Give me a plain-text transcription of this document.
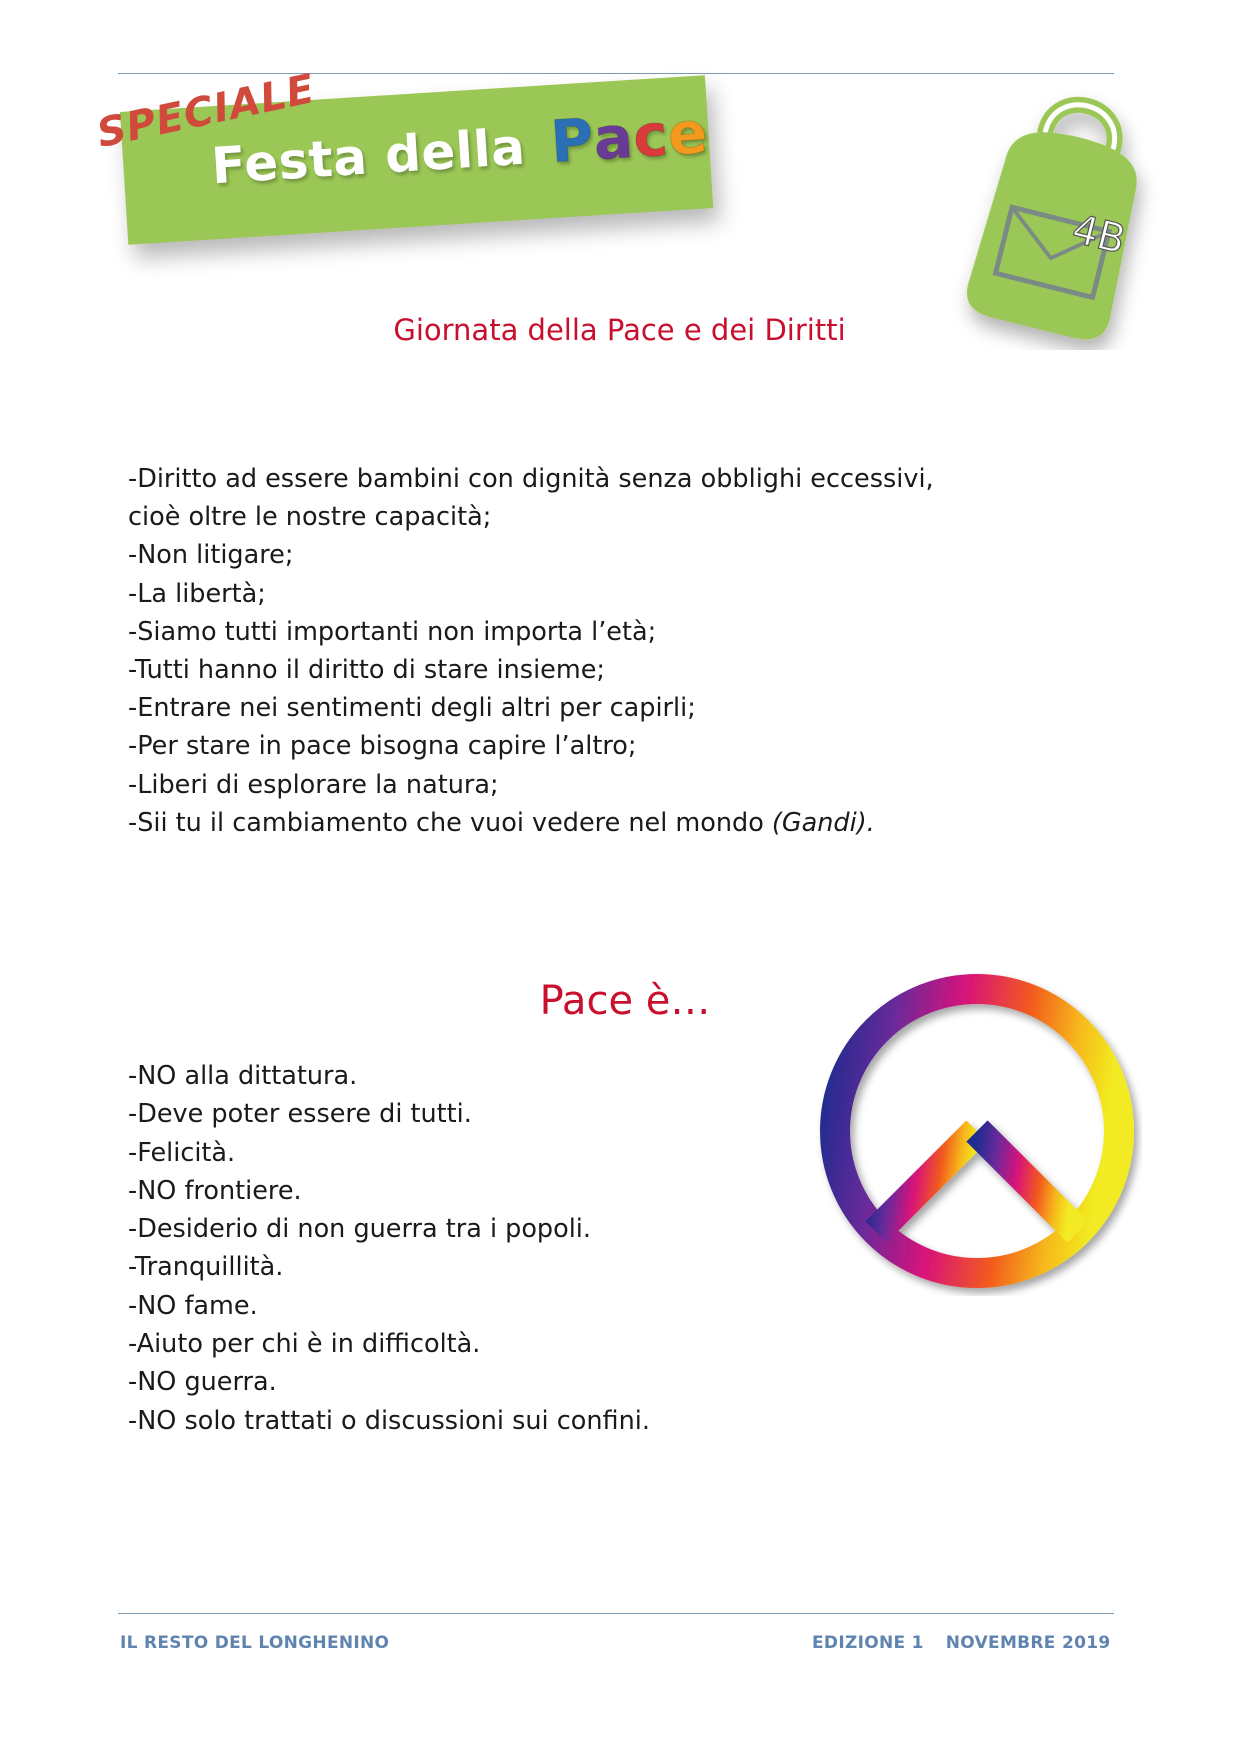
Festa della Pace

SPECIALE

4B
Giornata della Pace e dei Diritti
-Diritto ad essere bambini con dignità senza obblighi eccessivi,
cioè oltre le nostre capacità;
-Non litigare;
-La libertà;
-Siamo tutti importanti non importa l’età;
-Tutti hanno il diritto di stare insieme;
-Entrare nei sentimenti degli altri per capirli;
-Per stare in pace bisogna capire l’altro;
-Liberi di esplorare la natura;
-Sii tu il cambiamento che vuoi vedere nel mondo (Gandi).
Pace è…
-NO alla dittatura.
-Deve poter essere di tutti.
-Felicità.
-NO frontiere.
-Desiderio di non guerra tra i popoli.
-Tranquillità.
-NO fame.
-Aiuto per chi è in difficoltà.
-NO guerra.
-NO solo trattati o discussioni sui confini.
IL RESTO DEL LONGHENINO	EDIZIONE 1 NOVEMBRE 2019
